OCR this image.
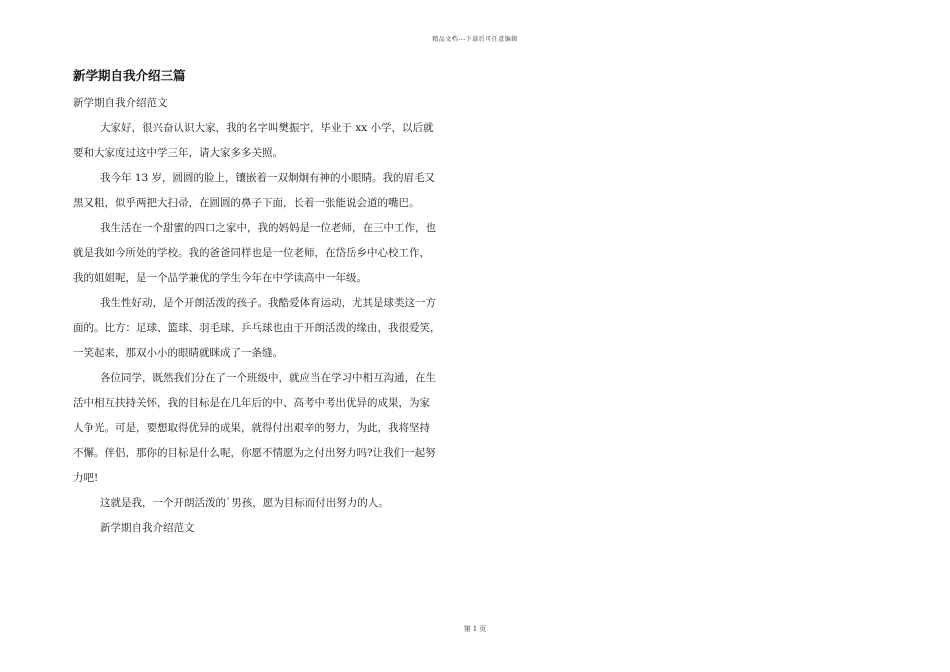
精品文档---下载后可任意编辑
新学期自我介绍三篇

新学期自我介绍范文

大家好，很兴奋认识大家，我的名字叫樊振宇，毕业于 xx 小学，以后就
要和大家度过这中学三年，请大家多多关照。

我今年 13 岁，圆圆的脸上，镶嵌着一双炯炯有神的小眼睛。我的眉毛又
黑又粗，似乎两把大扫帚，在圆圆的鼻子下面，长着一张能说会道的嘴巴。

我生活在一个甜蜜的四口之家中，我的妈妈是一位老师，在三中工作，也
就是我如今所处的学校。我的爸爸同样也是一位老师，在岱岳乡中心校工作，
我的姐姐呢，是一个品学兼优的学生今年在中学读高中一年级。

我生性好动，是个开朗活泼的孩子。我酷爱体育运动，尤其是球类这一方
面的。比方：足球、篮球、羽毛球、乒乓球也由于开朗活泼的缘由，我很爱笑，
一笑起来，那双小小的眼睛就眯成了一条缝。

各位同学，既然我们分在了一个班级中，就应当在学习中相互沟通，在生
活中相互扶持关怀，我的目标是在几年后的中、高考中考出优异的成果，为家
人争光。可是，要想取得优异的成果，就得付出艰辛的努力，为此，我将坚持
不懈。伴侣，那你的目标是什么呢，你愿不情愿为之付出努力吗?让我们一起努
力吧!

这就是我，一个开朗活泼的`男孩，愿为目标而付出努力的人。

新学期自我介绍范文

第 1 页
